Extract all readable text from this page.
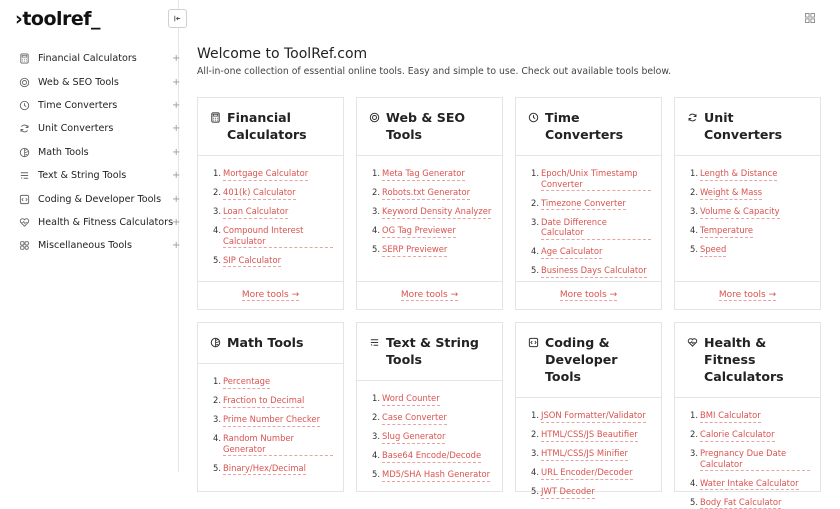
›toolref_
Financial Calculators	+
Web & SEO Tools	+
Time Converters	+
Unit Converters	+
Math Tools	+
Text & String Tools	+
Coding & Developer Tools +
Health & Fitness Calculators
+
Miscellaneous Tools	+
Welcome to ToolRef.com

All-in-one collection of essential online tools. Easy and simple to use. Check out available tools below.

Financial
Calculators
Mortgage Calculator
401(k) Calculator
Loan Calculator
Compound Interest Calculator
SIP Calculator
More tools →
Web & SEO Tools
Meta Tag Generator
Robots.txt Generator
Keyword Density Analyzer
OG Tag Previewer
SERP Previewer
More tools →
Time Converters
Epoch/Unix Timestamp Converter
Timezone Converter
Date Difference Calculator
Age Calculator
Business Days Calculator
More tools →
Unit Converters
Length & Distance
Weight & Mass
Volume & Capacity
Temperature
Speed
More tools →
Math Tools
Percentage
Fraction to Decimal
Prime Number Checker
Random Number Generator
Binary/Hex/Decimal
Text & String
Tools
Word Counter
Case Converter
Slug Generator
Base64 Encode/Decode
MD5/SHA Hash Generator
Coding &
Developer Tools
JSON Formatter/Validator
HTML/CSS/JS Beautifier
HTML/CSS/JS Minifier
URL Encoder/Decoder
JWT Decoder
Health & Fitness
Calculators
BMI Calculator
Calorie Calculator
Pregnancy Due Date Calculator
Water Intake Calculator
Body Fat Calculator
